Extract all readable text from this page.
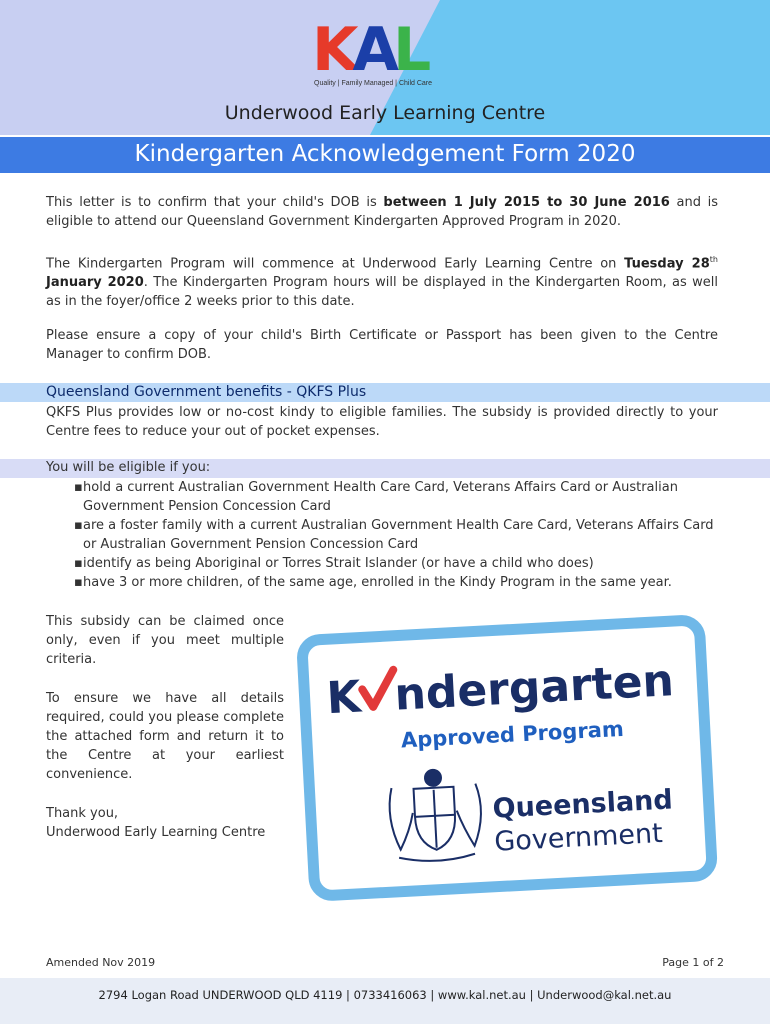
KAL
Quality | Family Managed | Child Care
Underwood Early Learning Centre
Kindergarten Acknowledgement Form 2020
This letter is to confirm that your child's DOB is between 1 July 2015 to 30 June 2016 and is eligible to attend our Queensland Government Kindergarten Approved Program in 2020.
The Kindergarten Program will commence at Underwood Early Learning Centre on Tuesday 28th January 2020. The Kindergarten Program hours will be displayed in the Kindergarten Room, as well as in the foyer/office 2 weeks prior to this date.
Please ensure a copy of your child's Birth Certificate or Passport has been given to the Centre Manager to confirm DOB.
Queensland Government benefits - QKFS Plus
QKFS Plus provides low or no-cost kindy to eligible families. The subsidy is provided directly to your Centre fees to reduce your out of pocket expenses.
You will be eligible if you:
▪ hold a current Australian Government Health Care Card, Veterans Affairs Card or Australian Government Pension Concession Card
▪ are a foster family with a current Australian Government Health Care Card, Veterans Affairs Card or Australian Government Pension Concession Card
▪ identify as being Aboriginal or Torres Strait Islander (or have a child who does)
▪ have 3 or more children, of the same age, enrolled in the Kindy Program in the same year.
This subsidy can be claimed once only, even if you meet multiple criteria.
To ensure we have all details required, could you please complete the attached form and return it to the Centre at your earliest convenience.
Thank you,
Underwood Early Learning Centre
K ndergarten
Approved Program
Queensland
Government
Amended Nov 2019	Page 1 of 2
2794 Logan Road UNDERWOOD QLD 4119 | 0733416063 | www.kal.net.au | Underwood@kal.net.au
